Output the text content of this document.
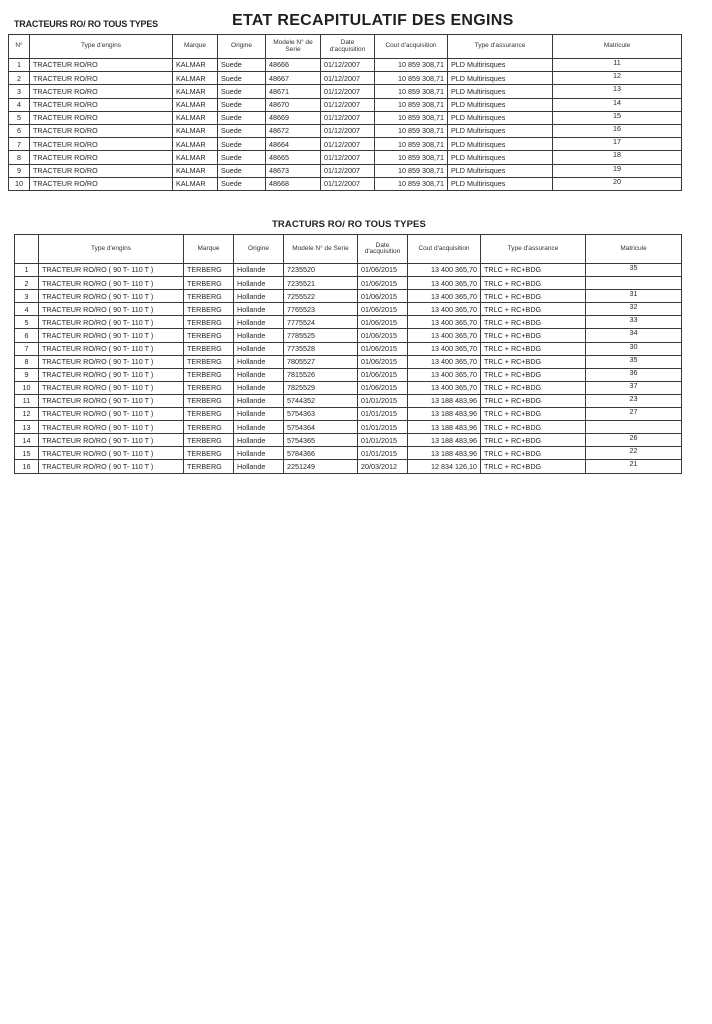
TRACTEURS RO/ RO TOUS TYPES	ETAT RECAPITULATIF DES ENGINS
N°	Type d'engins	Marque	Origine	Modele N° de Serie	Date d'acquisition	Cout d'acquisition	Type d'assurance	Matricule
1	TRACTEUR RO/RO	KALMAR	Suede	48666	01/12/2007	10 859 308,71	PLD Multirisques	11
2	TRACTEUR RO/RO	KALMAR	Suede	48667	01/12/2007	10 859 308,71	PLD Multirisques	12
3	TRACTEUR RO/RO	KALMAR	Suede	48671	01/12/2007	10 859 308,71	PLD Multirisques	13
4	TRACTEUR RO/RO	KALMAR	Suede	48670	01/12/2007	10 859 308,71	PLD Multirisques	14
5	TRACTEUR RO/RO	KALMAR	Suede	48669	01/12/2007	10 859 308,71	PLD Multirisques	15
6	TRACTEUR RO/RO	KALMAR	Suede	48672	01/12/2007	10 859 308,71	PLD Multirisques	16
7	TRACTEUR RO/RO	KALMAR	Suede	48664	01/12/2007	10 859 308,71	PLD Multirisques	17
8	TRACTEUR RO/RO	KALMAR	Suede	48665	01/12/2007	10 859 308,71	PLD Multirisques	18
9	TRACTEUR RO/RO	KALMAR	Suede	48673	01/12/2007	10 859 308,71	PLD Multirisques	19
10	TRACTEUR RO/RO	KALMAR	Suede	48668	01/12/2007	10 859 308,71	PLD Multirisques	20
TRACTURS RO/ RO TOUS TYPES
	Type d'engins	Marque	Origine	Modele N° de Serie	Date d'acquisition	Cout d'acquisition	Type d'assurance	Matricule
1	TRACTEUR RO/RO ( 90 T- 110 T )	TERBERG	Hollande	7235520	01/06/2015	13 400 365,70	TRLC + RC+BDG	35
2	TRACTEUR RO/RO ( 90 T- 110 T )	TERBERG	Hollande	7235521	01/06/2015	13 400 365,70	TRLC + RC+BDG	
3	TRACTEUR RO/RO ( 90 T- 110 T )	TERBERG	Hollande	7255522	01/06/2015	13 400 365,70	TRLC + RC+BDG	31
4	TRACTEUR RO/RO ( 90 T- 110 T )	TERBERG	Hollande	7765523	01/06/2015	13 400 365,70	TRLC + RC+BDG	32
5	TRACTEUR RO/RO ( 90 T- 110 T )	TERBERG	Hollande	7775524	01/06/2015	13 400 365,70	TRLC + RC+BDG	33
6	TRACTEUR RO/RO ( 90 T- 110 T )	TERBERG	Hollande	7785525	01/06/2015	13 400 365,70	TRLC + RC+BDG	34
7	TRACTEUR RO/RO ( 90 T- 110 T )	TERBERG	Hollande	7735528	01/06/2015	13 400 365,70	TRLC + RC+BDG	30
8	TRACTEUR RO/RO ( 90 T- 110 T )	TERBERG	Hollande	7805527	01/06/2015	13 400 365,70	TRLC + RC+BDG	35
9	TRACTEUR RO/RO ( 90 T- 110 T )	TERBERG	Hollande	7815526	01/06/2015	13 400 365,70	TRLC + RC+BDG	36
10	TRACTEUR RO/RO ( 90 T- 110 T )	TERBERG	Hollande	7825529	01/06/2015	13 400 365,70	TRLC + RC+BDG	37
11	TRACTEUR RO/RO ( 90 T- 110 T )	TERBERG	Hollande	5744352	01/01/2015	13 188 483,96	TRLC + RC+BDG	23
12	TRACTEUR RO/RO ( 90 T- 110 T )	TERBERG	Hollande	5754363	01/01/2015	13 188 483,96	TRLC + RC+BDG	27
13	TRACTEUR RO/RO ( 90 T- 110 T )	TERBERG	Hollande	5754364	01/01/2015	13 188 483,96	TRLC + RC+BDG	
14	TRACTEUR RO/RO ( 90 T- 110 T )	TERBERG	Hollande	5754365	01/01/2015	13 188 483,96	TRLC + RC+BDG	26
15	TRACTEUR RO/RO ( 90 T- 110 T )	TERBERG	Hollande	5784366	01/01/2015	13 188 483,96	TRLC + RC+BDG	22
16	TRACTEUR RO/RO ( 90 T- 110 T )	TERBERG	Hollande	2251249	20/03/2012	12 834 126,10	TRLC + RC+BDG	21
